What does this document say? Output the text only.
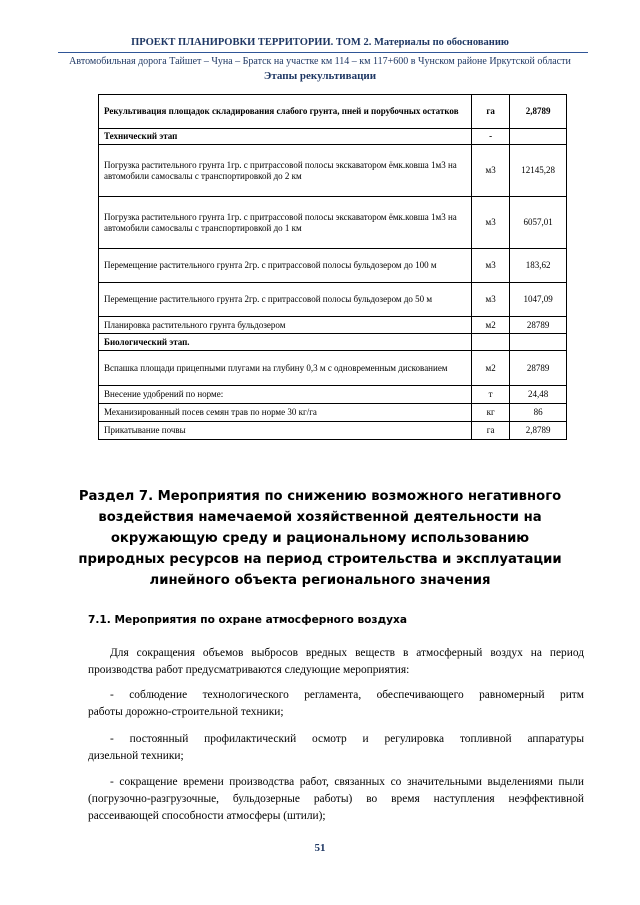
ПРОЕКТ ПЛАНИРОВКИ ТЕРРИТОРИИ. ТОМ 2. Материалы по обоснованию
Автомобильная дорога Тайшет – Чуна – Братск на участке км 114 – км 117+600 в Чунском районе Иркутской области
Этапы рекультивации
Рекультивация площадок складирования слабого грунта, пней и порубочных остатков	га	2,8789
Технический этап	-	
Погрузка растительного грунта 1гр. с притрассовой полосы экскаватором ёмк.ковша 1м3 на автомобили самосвалы с транспортировкой до 2 км	м3	12145,28
Погрузка растительного грунта 1гр. с притрассовой полосы экскаватором ёмк.ковша 1м3 на автомобили самосвалы с транспортировкой до 1 км	м3	6057,01
Перемещение растительного грунта 2гр. с притрассовой полосы бульдозером до 100 м	м3	183,62
Перемещение растительного грунта 2гр. с притрассовой полосы бульдозером до 50 м	м3	1047,09
Планировка растительного грунта бульдозером	м2	28789
Биологический этап.		
Вспашка площади прицепными плугами на глубину 0,3 м с одновременным дискованием	м2	28789
Внесение удобрений по норме:	т	24,48
Механизированный посев семян трав по норме 30 кг/га	кг	86
Прикатывание почвы	га	2,8789
Раздел 7. Мероприятия по снижению возможного негативного воздействия намечаемой хозяйственной деятельности на окружающую среду и рациональному использованию природных ресурсов на период строительства и эксплуатации линейного объекта регионального значения
7.1. Мероприятия по охране атмосферного воздуха

Для сокращения объемов выбросов вредных веществ в атмосферный воздух на период
производства работ предусматриваются следующие мероприятия:

- соблюдение технологического регламента, обеспечивающего равномерный ритм
работы дорожно-строительной техники;

- постоянный профилактический осмотр и регулировка топливной аппаратуры
дизельной техники;

- сокращение времени производства работ, связанных со значительными выделениями пыли
(погрузочно-разгрузочные, бульдозерные работы) во время наступления неэффективной
рассеивающей способности атмосферы (штили);

51
